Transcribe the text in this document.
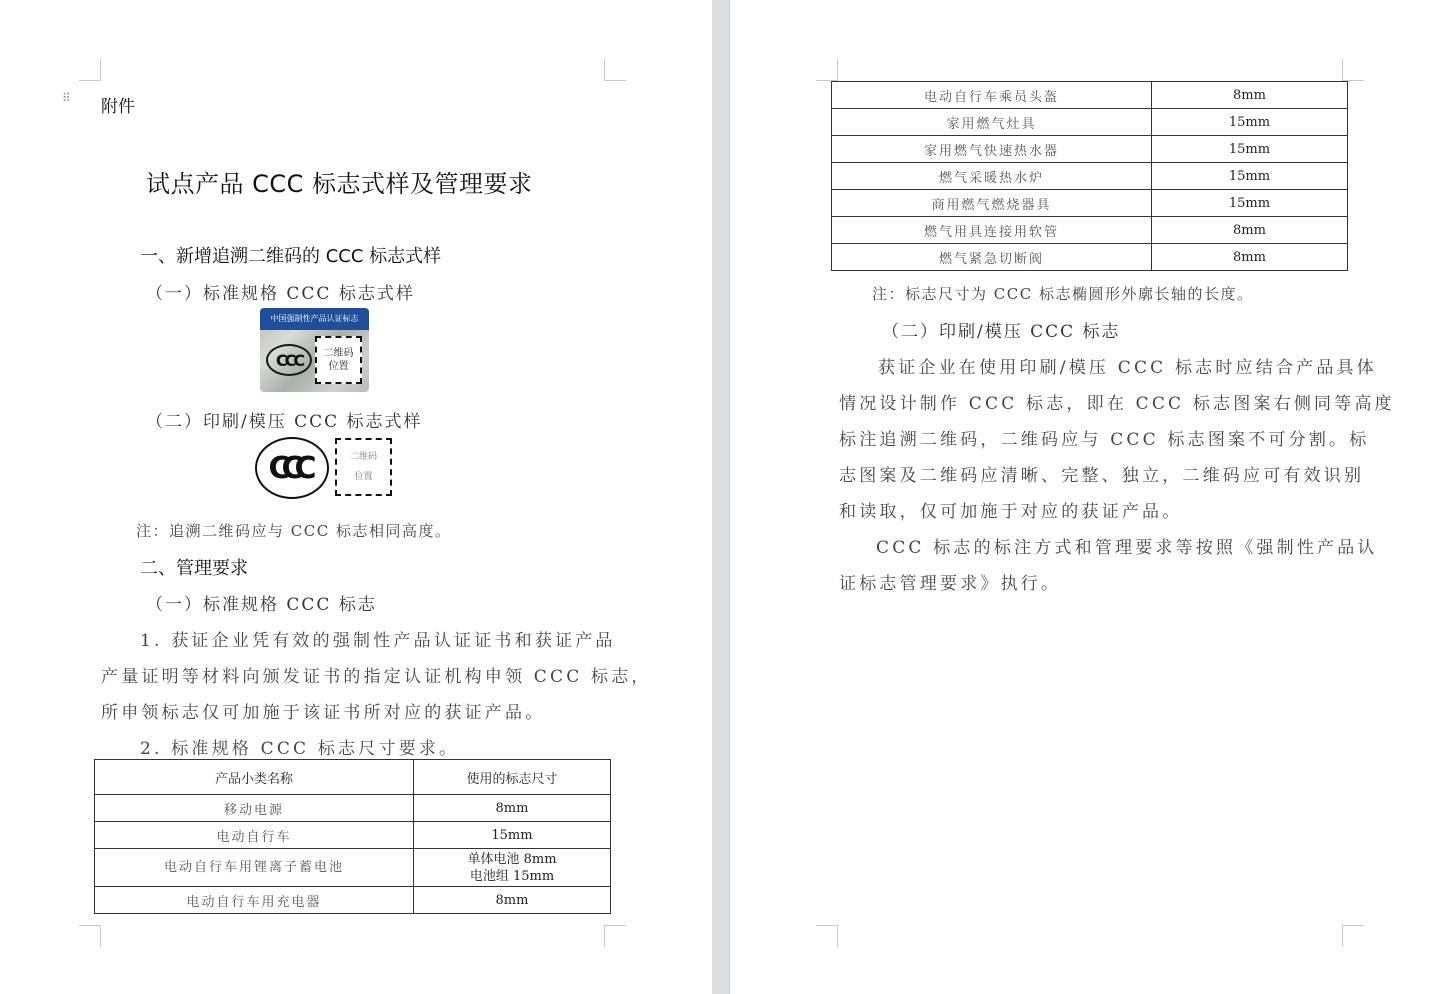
⠿ 附件
试点产品 CCC 标志式样及管理要求
一、新增追溯二维码的 CCC 标志式样
（一）标准规格 CCC 标志式样
中国强制性产品认证标志
CCC 二维码
位置
（二）印刷/模压 CCC 标志式样
CCC	二维码
位置
注：追溯二维码应与 CCC 标志相同高度。
二、管理要求
（一）标准规格 CCC 标志
1. 获证企业凭有效的强制性产品认证证书和获证产品
产量证明等材料向颁发证书的指定认证机构申领 CCC 标志，
所申领标志仅可加施于该证书所对应的获证产品。
2. 标准规格 CCC 标志尺寸要求。
产品小类名称	使用的标志尺寸
移动电源	8mm
电动自行车	15mm
电动自行车用锂离子蓄电池	单体电池 8mm
电池组 15mm

电动自行车用充电器	8mm
电动自行车乘员头盔	8mm
家用燃气灶具	15mm
家用燃气快速热水器	15mm
燃气采暖热水炉	15mm
商用燃气燃烧器具	15mm
燃气用具连接用软管	8mm
燃气紧急切断阀	8mm
注：标志尺寸为 CCC 标志椭圆形外廓长轴的长度。
（二）印刷/模压 CCC 标志
获证企业在使用印刷/模压 CCC 标志时应结合产品具体
情况设计制作 CCC 标志，即在 CCC 标志图案右侧同等高度
标注追溯二维码，二维码应与 CCC 标志图案不可分割。标
志图案及二维码应清晰、完整、独立，二维码应可有效识别
和读取，仅可加施于对应的获证产品。
CCC 标志的标注方式和管理要求等按照《强制性产品认
证标志管理要求》执行。
